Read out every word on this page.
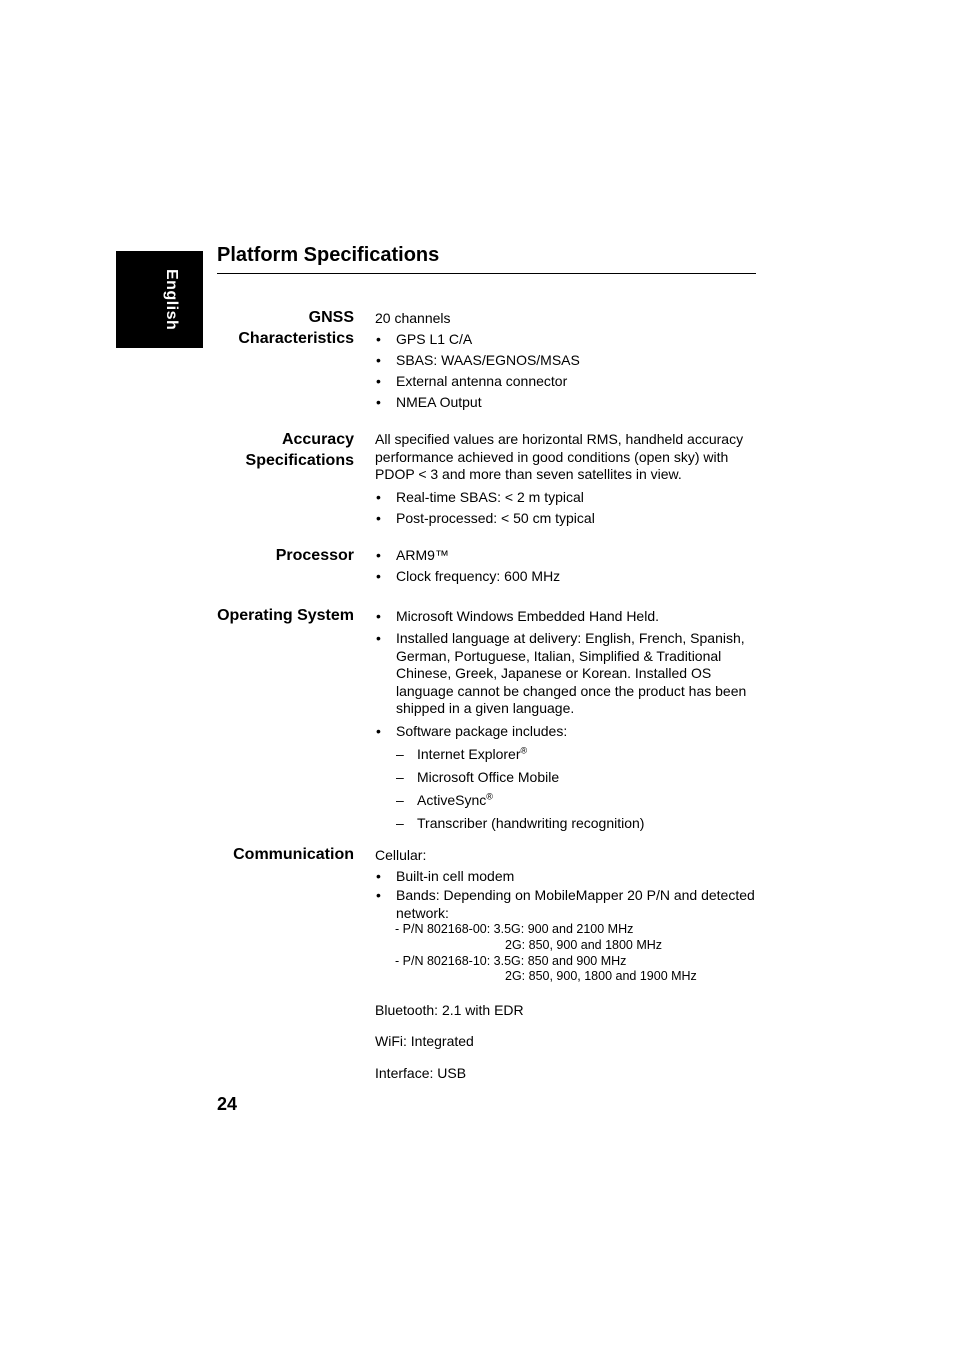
English
Platform Specifications
GNSS
Characteristics

20 channels

• GPS L1 C/A

• SBAS: WAAS/EGNOS/MSAS

• External antenna connector

• NMEA Output

Accuracy
Specifications

All specified values are horizontal RMS, handheld accuracy performance achieved in good conditions (open sky) with PDOP < 3 and more than seven satellites in view.

• Real-time SBAS: < 2 m typical

• Post-processed: < 50 cm typical

Processor	• ARM9™

• Clock frequency: 600 MHz

Operating System	• Microsoft Windows Embedded Hand Held.

• Installed language at delivery: English, French, Spanish, German, Portuguese, Italian, Simplified & Traditional Chinese, Greek, Japanese or Korean. Installed OS language cannot be changed once the product has been shipped in a given language.

• Software package includes:

– Internet Explorer®

– Microsoft Office Mobile

– ActiveSync®

– Transcriber (handwriting recognition)

Communication Cellular:

• Built-in cell modem

• Bands: Depending on MobileMapper 20 P/N and detected network:

- P/N 802168-00: 3.5G: 900 and 2100 MHz

2G: 850, 900 and 1800 MHz

- P/N 802168-10: 3.5G: 850 and 900 MHz

2G: 850, 900, 1800 and 1900 MHz

Bluetooth: 2.1 with EDR

WiFi: Integrated

Interface: USB

24
